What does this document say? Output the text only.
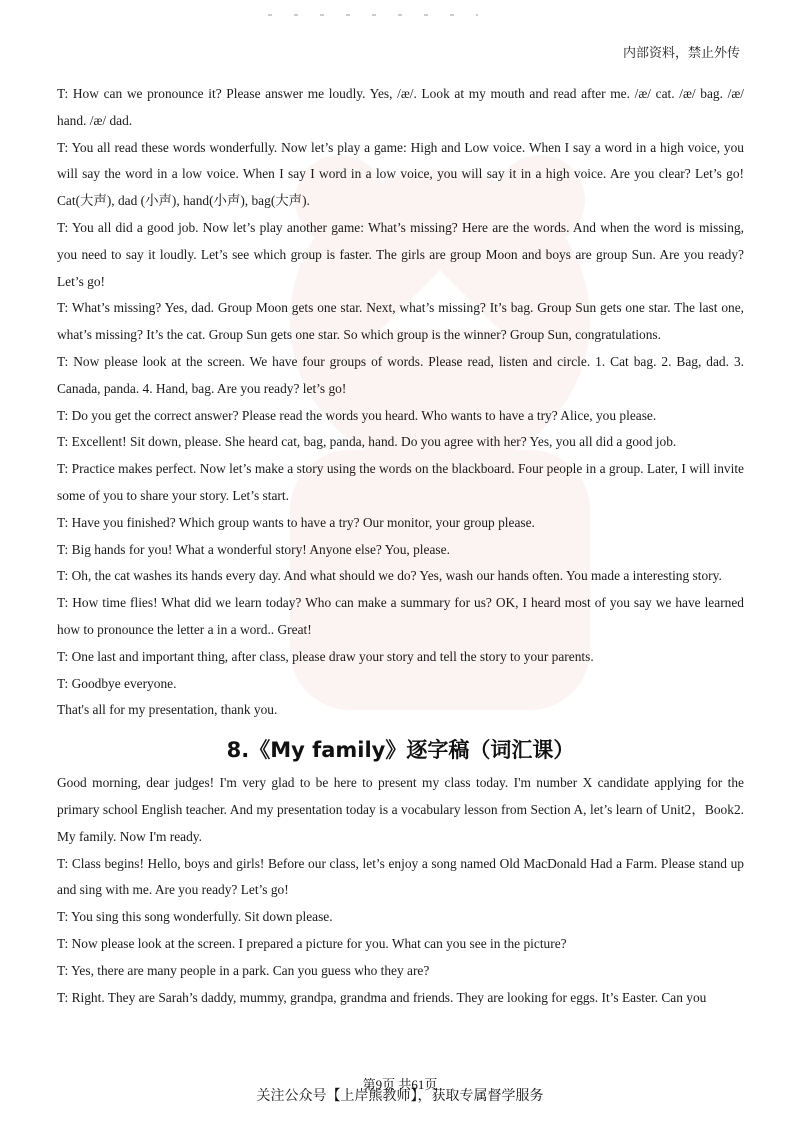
内部资料，禁止外传

T: How can we pronounce it? Please answer me loudly. Yes, /æ/. Look at my mouth and read after me. /æ/ cat. /æ/ bag. /æ/ hand. /æ/ dad.

T: You all read these words wonderfully. Now let’s play a game: High and Low voice. When I say a word in a high voice, you will say the word in a low voice. When I say I word in a low voice, you will say it in a high voice. Are you clear? Let’s go! Cat(大声), dad (小声), hand(小声), bag(大声).

T: You all did a good job. Now let’s play another game: What’s missing? Here are the words. And when the word is missing, you need to say it loudly. Let’s see which group is faster. The girls are group Moon and boys are group Sun. Are you ready? Let’s go!

T: What’s missing? Yes, dad. Group Moon gets one star. Next, what’s missing? It’s bag. Group Sun gets one star. The last one, what’s missing? It’s the cat. Group Sun gets one star. So which group is the winner? Group Sun, congratulations.

T: Now please look at the screen. We have four groups of words. Please read, listen and circle. 1. Cat bag. 2. Bag, dad. 3. Canada, panda. 4. Hand, bag. Are you ready? let’s go!

T: Do you get the correct answer? Please read the words you heard. Who wants to have a try? Alice, you please.

T: Excellent! Sit down, please. She heard cat, bag, panda, hand. Do you agree with her? Yes, you all did a good job.

T: Practice makes perfect. Now let’s make a story using the words on the blackboard. Four people in a group. Later, I will invite some of you to share your story. Let’s start.

T: Have you finished? Which group wants to have a try? Our monitor, your group please.

T: Big hands for you! What a wonderful story! Anyone else? You, please.

T: Oh, the cat washes its hands every day. And what should we do? Yes, wash our hands often. You made a interesting story.

T: How time flies! What did we learn today? Who can make a summary for us? OK, I heard most of you say we have learned how to pronounce the letter a in a word.. Great!

T: One last and important thing, after class, please draw your story and tell the story to your parents.

T: Goodbye everyone.

That's all for my presentation, thank you.

8.《My family》逐字稿（词汇课）

Good morning, dear judges! I'm very glad to be here to present my class today. I'm number X candidate applying for the primary school English teacher. And my presentation today is a vocabulary lesson from Section A, let’s learn of Unit2，Book2. My family. Now I'm ready.

T: Class begins! Hello, boys and girls! Before our class, let’s enjoy a song named Old MacDonald Had a Farm. Please stand up and sing with me. Are you ready? Let’s go!

T: You sing this song wonderfully. Sit down please.

T: Now please look at the screen. I prepared a picture for you. What can you see in the picture?

T: Yes, there are many people in a park. Can you guess who they are?

T: Right. They are Sarah’s daddy, mummy, grandpa, grandma and friends. They are looking for eggs. It’s Easter. Can you

第9页 共61页
关注公众号【上岸熊教师】，获取专属督学服务
